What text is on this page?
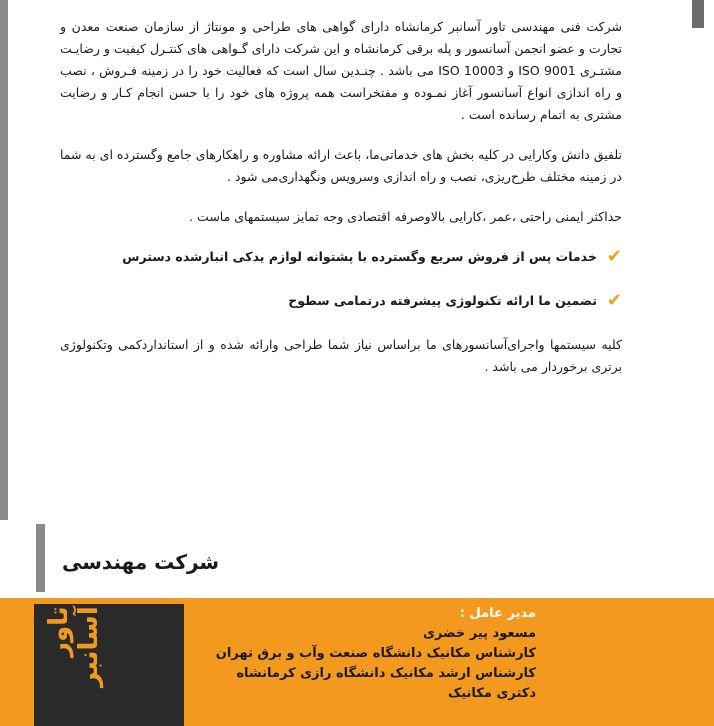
شرکت فنی مهندسی تاور آسانبر کرمانشاه دارای گواهی های طراحی و مونتاژ از سازمان صنعت معدن و تجارت و عضو انجمن آسانسور و پله برقی کرمانشاه و این شرکت دارای گـواهی های کنتـرل کیفیت و رضایـت مشتـری ISO 9001 و ISO 10003 می باشد . چنـدین سال است که فعالیت خود را در زمینه فـروش ، نصب و راه اندازی انواع آسانسور آغاز نمـوده و مفتخراست همه پروژه های خود را با حسن انجام کـار و رضایت مشتری به اتمام رسانده است .

تلفیق دانش وکارایی در کلیه بخش های خدماتی‌ما، باعث ارائه مشاوره و راهکارهای جامع وگسترده ای به شما در زمینه مختلف طرح‌ریزی، نصب و راه اندازی وسرویس ونگهداری‌می شود .

حداکثر ایمنی راحتی ،عمر ،کارایی بالاوصرفه اقتصادی وجه تمایز سیستمهای ماست .

✔
خدمات پس از فروش سریع وگسترده با پشتوانه لوازم یدکی انبارشده دسترس
✔
تضمین ما ارائه تکنولوژی پیشرفته درتمامی سطوح

کلیه سیستمها واجرای‌آسانسورهای ما براساس نیاز شما طراحی وارائه شده و از استانداردکمی وتکنولوژی برتری برخوردار می باشد .

شرکت مهندسی
تاور آسانبر	مدیر عامل :
مسعود پیر خضری
کارشناس مکانیک دانشگاه صنعت وآب و برق تهران
کارشناس ارشد مکانیک دانشگاه رازی کرمانشاه
دکتری مکانیک
